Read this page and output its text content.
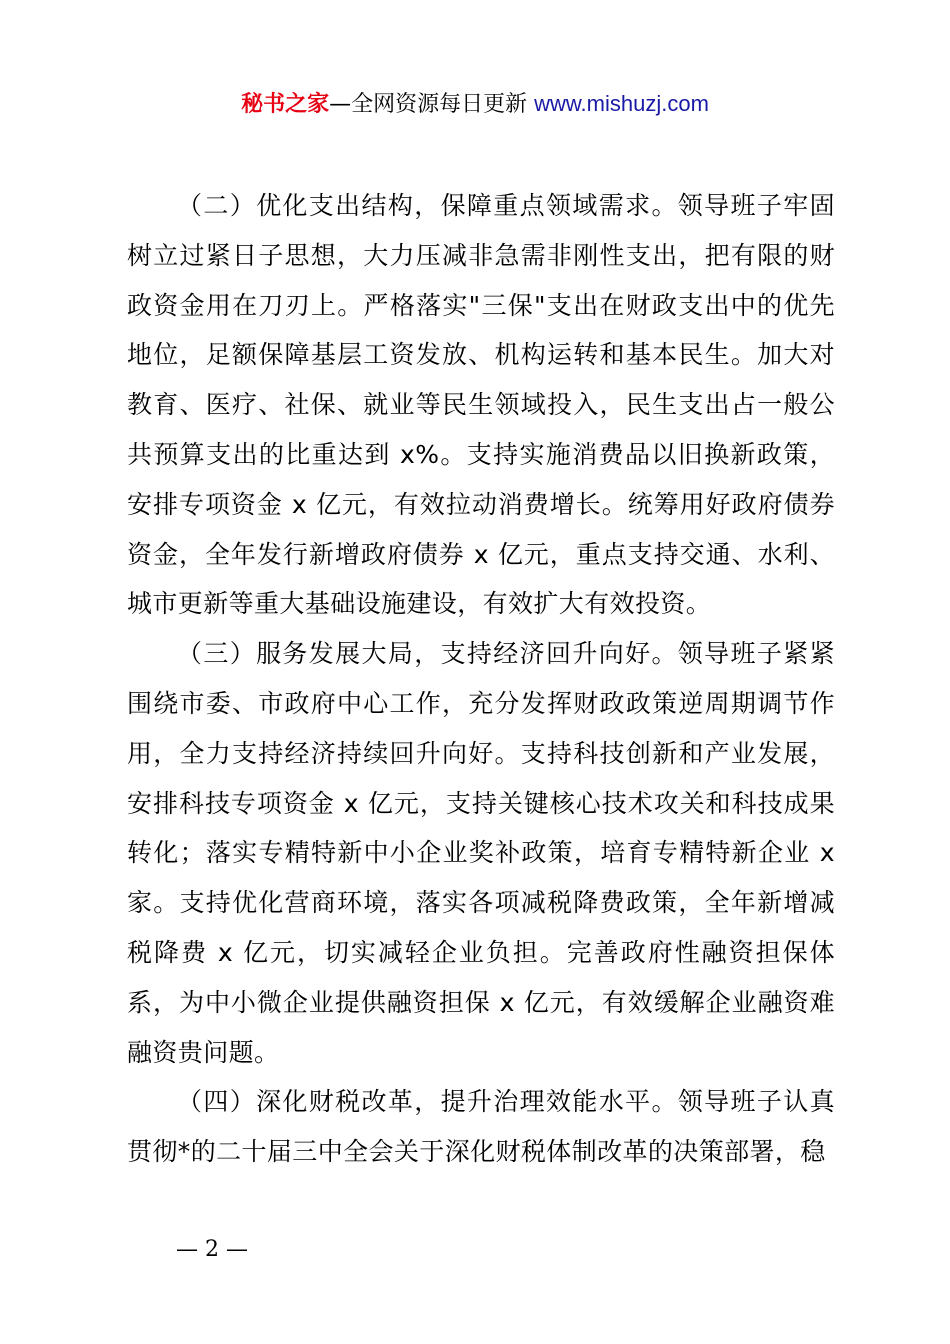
秘书之家—全网资源每日更新 www.mishuzj.com

（二）优化支出结构，保障重点领域需求。领导班子牢固树立过紧日子思想，大力压减非急需非刚性支出，把有限的财政资金用在刀刃上。严格落实"三保"支出在财政支出中的优先地位，足额保障基层工资发放、机构运转和基本民生。加大对教育、医疗、社保、就业等民生领域投入，民生支出占一般公共预算支出的比重达到 x%。支持实施消费品以旧换新政策，安排专项资金 x 亿元，有效拉动消费增长。统筹用好政府债券资金，全年发行新增政府债券 x 亿元，重点支持交通、水利、城市更新等重大基础设施建设，有效扩大有效投资。

（三）服务发展大局，支持经济回升向好。领导班子紧紧围绕市委、市政府中心工作，充分发挥财政政策逆周期调节作用，全力支持经济持续回升向好。支持科技创新和产业发展，安排科技专项资金 x 亿元，支持关键核心技术攻关和科技成果转化；落实专精特新中小企业奖补政策，培育专精特新企业 x 家。支持优化营商环境，落实各项减税降费政策，全年新增减税降费 x 亿元，切实减轻企业负担。完善政府性融资担保体系，为中小微企业提供融资担保 x 亿元，有效缓解企业融资难融资贵问题。

（四）深化财税改革，提升治理效能水平。领导班子认真贯彻*的二十届三中全会关于深化财税体制改革的决策部署，稳

— 2 —
